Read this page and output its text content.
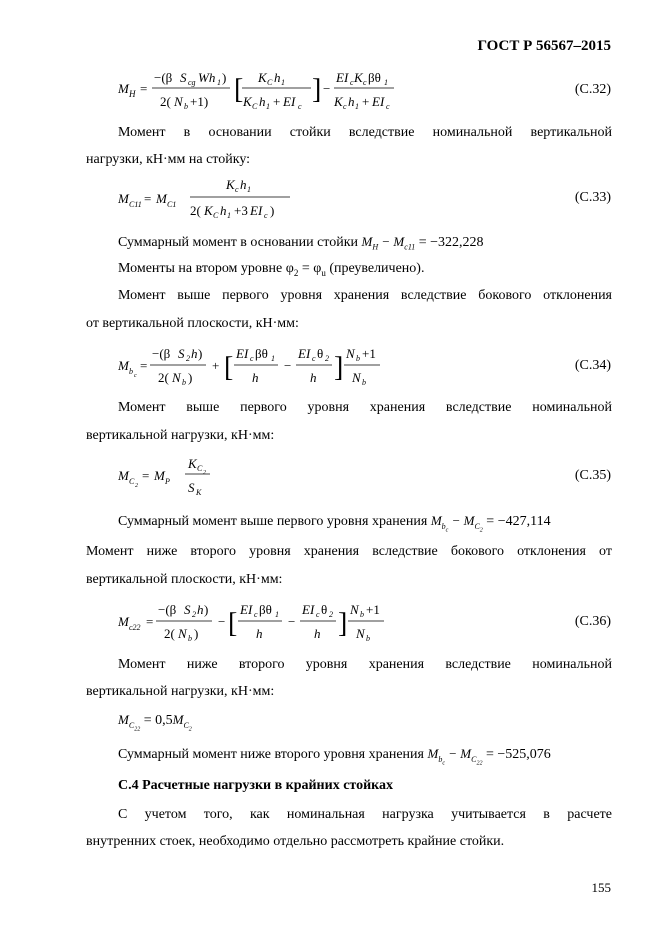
ГОСТ Р 56567–2015
M H =
−(β S cg Wh 1 )
2( N b +1) [ K C h 1
K C h 1 + EI c
] −
EI c K c βθ 1
K c h 1 + EI c
(С.32)
Момент в основании стойки вследствие номинальной вертикальной
нагрузки, кН·мм на стойку:
M C11 = M C1
K c h 1
2( K C h 1 +3 EI c )
(С.33)
Суммарный момент в основании стойки $M_H - M_{c11} = -322,228$
Моменты на втором уровне $\varphi_2 = \varphi_u$ (преувеличено).
Момент выше первого уровня хранения вследствие бокового отклонения
от вертикальной плоскости, кН·мм:
M b c
=
−(β S 2 h )
2( N b )
+ [ EI c βθ 1
h
−
EI c θ 2
h ] N b +1
N b
(С.34)
Момент выше первого уровня хранения вследствие номинальной
вертикальной нагрузки, кН·мм:
M C 2
= M P
K C 2
S K
(С.35)
Суммарный момент выше первого уровня хранения $M_{b_c} - M_{C_2} = -427,114$
Момент ниже второго уровня хранения вследствие бокового отклонения от
вертикальной плоскости, кН·мм:
M c22 =
−(β S 2 h )
2( N b )
− [ EI c βθ 1
h
−
EI c θ 2
h ] N b +1
N b
(С.36)
Момент ниже второго уровня хранения вследствие номинальной
вертикальной нагрузки, кН·мм:
$M_{C_{22}} = 0,5M_{C_2}$
Суммарный момент ниже второго уровня хранения $M_{b_c} - M_{C_{22}} = -525,076$
С.4 Расчетные нагрузки в крайних стойках
С учетом того, как номинальная нагрузка учитывается в расчете
внутренних стоек, необходимо отдельно рассмотреть крайние стойки.
155
